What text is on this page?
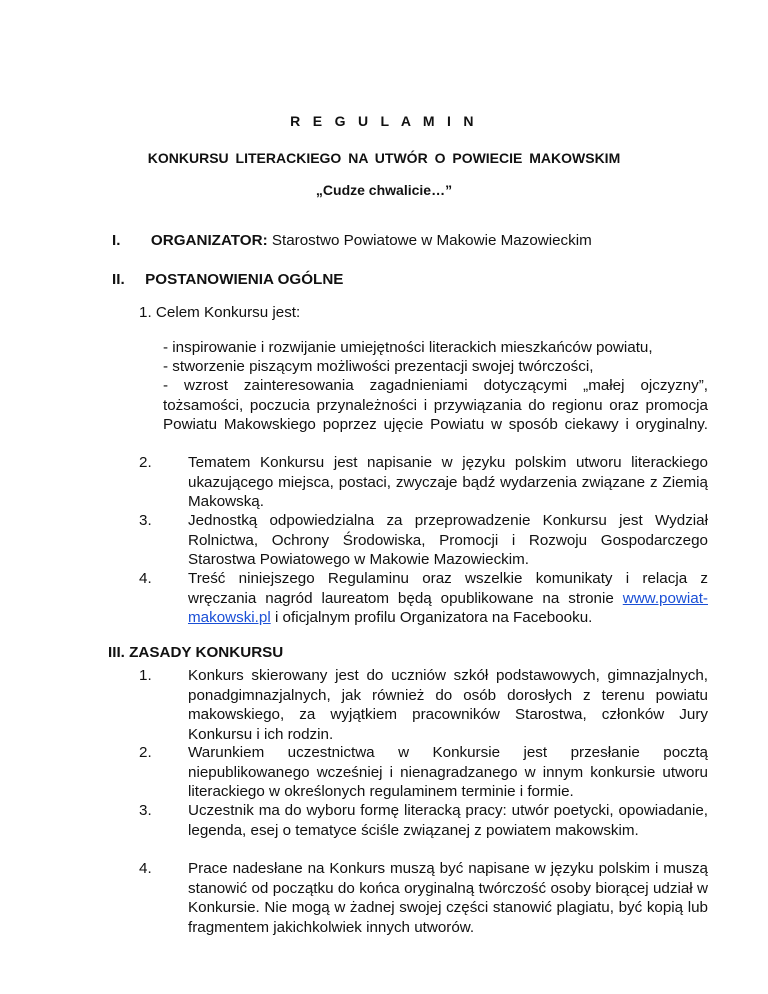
R E G U L A M I N
KONKURSU LITERACKIEGO NA UTWÓR O POWIECIE MAKOWSKIM
„Cudze chwalicie…”
I. ORGANIZATOR: Starostwo Powiatowe w Makowie Mazowieckim
II. POSTANOWIENIA OGÓLNE
1. Celem Konkursu jest:
- inspirowanie i rozwijanie umiejętności literackich mieszkańców powiatu,
- stworzenie piszącym możliwości prezentacji swojej twórczości,
- wzrost zainteresowania zagadnieniami dotyczącymi „małej ojczyzny”, tożsamości, poczucia przynależności i przywiązania do regionu oraz promocja Powiatu Makowskiego poprzez ujęcie Powiatu w sposób ciekawy i oryginalny.
2. Tematem Konkursu jest napisanie w języku polskim utworu literackiego ukazującego miejsca, postaci, zwyczaje bądź wydarzenia związane z Ziemią Makowską.
3. Jednostką odpowiedzialna za przeprowadzenie Konkursu jest Wydział Rolnictwa, Ochrony Środowiska, Promocji i Rozwoju Gospodarczego Starostwa Powiatowego w Makowie Mazowieckim.
4. Treść niniejszego Regulaminu oraz wszelkie komunikaty i relacja z wręczania nagród laureatom będą opublikowane na stronie www.powiat-makowski.pl i oficjalnym profilu Organizatora na Facebooku.
III. ZASADY KONKURSU
1. Konkurs skierowany jest do uczniów szkół podstawowych, gimnazjalnych, ponadgimnazjalnych, jak również do osób dorosłych z terenu powiatu makowskiego, za wyjątkiem pracowników Starostwa, członków Jury Konkursu i ich rodzin.
2. Warunkiem uczestnictwa w Konkursie jest przesłanie pocztą niepublikowanego wcześniej i nienagradzanego w innym konkursie utworu literackiego w określonych regulaminem terminie i formie.
3. Uczestnik ma do wyboru formę literacką pracy: utwór poetycki, opowiadanie, legenda, esej o tematyce ściśle związanej z powiatem makowskim.
4. Prace nadesłane na Konkurs muszą być napisane w języku polskim i muszą stanowić od początku do końca oryginalną twórczość osoby biorącej udział w Konkursie. Nie mogą w żadnej swojej części stanowić plagiatu, być kopią lub fragmentem jakichkolwiek innych utworów.
